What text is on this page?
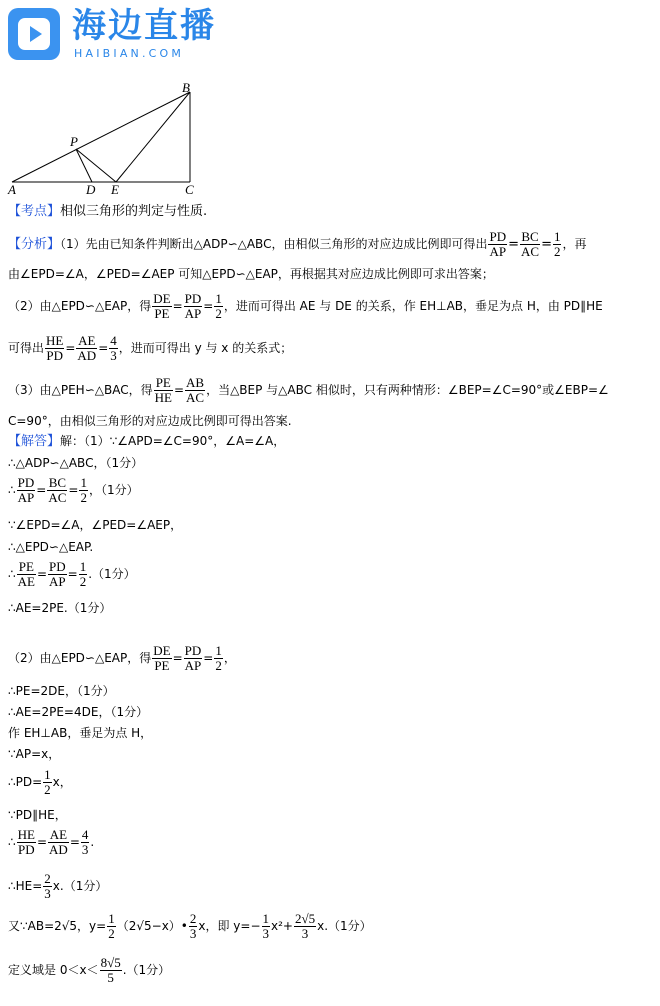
海边直播
HAIBIAN.COM
A
B
C
D E
P
【考点】相似三角形的判定与性质.
【分析】（1）先由已知条件判断出△ADP∽△ABC，由相似三角形的对应边成比例即可得出 $\frac{PD}{AP} = \frac{BC}{AC} = \frac{1}{2}$ ，再
由∠EPD=∠A，∠PED=∠AEP 可知△EPD∽△EAP，再根据其对应边成比例即可求出答案；
（2）由△EPD∽△EAP，得 $\frac{DE}{PE} = \frac{PD}{AP} = \frac{1}{2}$ ，进而可得出 AE 与 DE 的关系，作 EH⊥AB，垂足为点 H，由 PD∥HE
可得出 $\frac{HE}{PD} = \frac{AE}{AD} = \frac{4}{3}$ ，进而可得出 y 与 x 的关系式；
（3）由△PEH∽△BAC，得 $\frac{PE}{HE} = \frac{AB}{AC}$ ，当△BEP 与△ABC 相似时，只有两种情形：∠BEP=∠C=90°或∠EBP=∠
C=90°，由相似三角形的对应边成比例即可得出答案.
【解答】解：（1）∵∠APD=∠C=90°，∠A=∠A，
∴△ADP∽△ABC，（1分）
∴ $\frac{PD}{AP} = \frac{BC}{AC} = \frac{1}{2}$ ，（1分）
∵∠EPD=∠A，∠PED=∠AEP，
∴△EPD∽△EAP.
∴ $\frac{PE}{AE} = \frac{PD}{AP} = \frac{1}{2} .(1$分）
∴AE=2PE.（1分）
（2）由△EPD∽△EAP，得 $\frac{DE}{PE} = \frac{PD}{AP} = \frac{1}{2}$ ，
∴PE=2DE，（1分）
∴AE=2PE=4DE，（1分）
作 EH⊥AB，垂足为点 H，
∵AP=x，
∴PD= $\frac{1}{2}$ x，
∵PD∥HE，
∴ $\frac{HE}{PD} = \frac{AE}{AD} = \frac{4}{3}$ .
∴HE= $\frac{2}{3} x.(1$分）
又∵AB=2√5，$y= \frac{1}{2}$ （2√5−x）• $\frac{2}{3}$ x，即 $y=- \frac{1}{3} x^2+ \frac{2√5}{3} x.(1$分）
定义域是 $0<x< \frac{8√5}{5} .(1$分）
